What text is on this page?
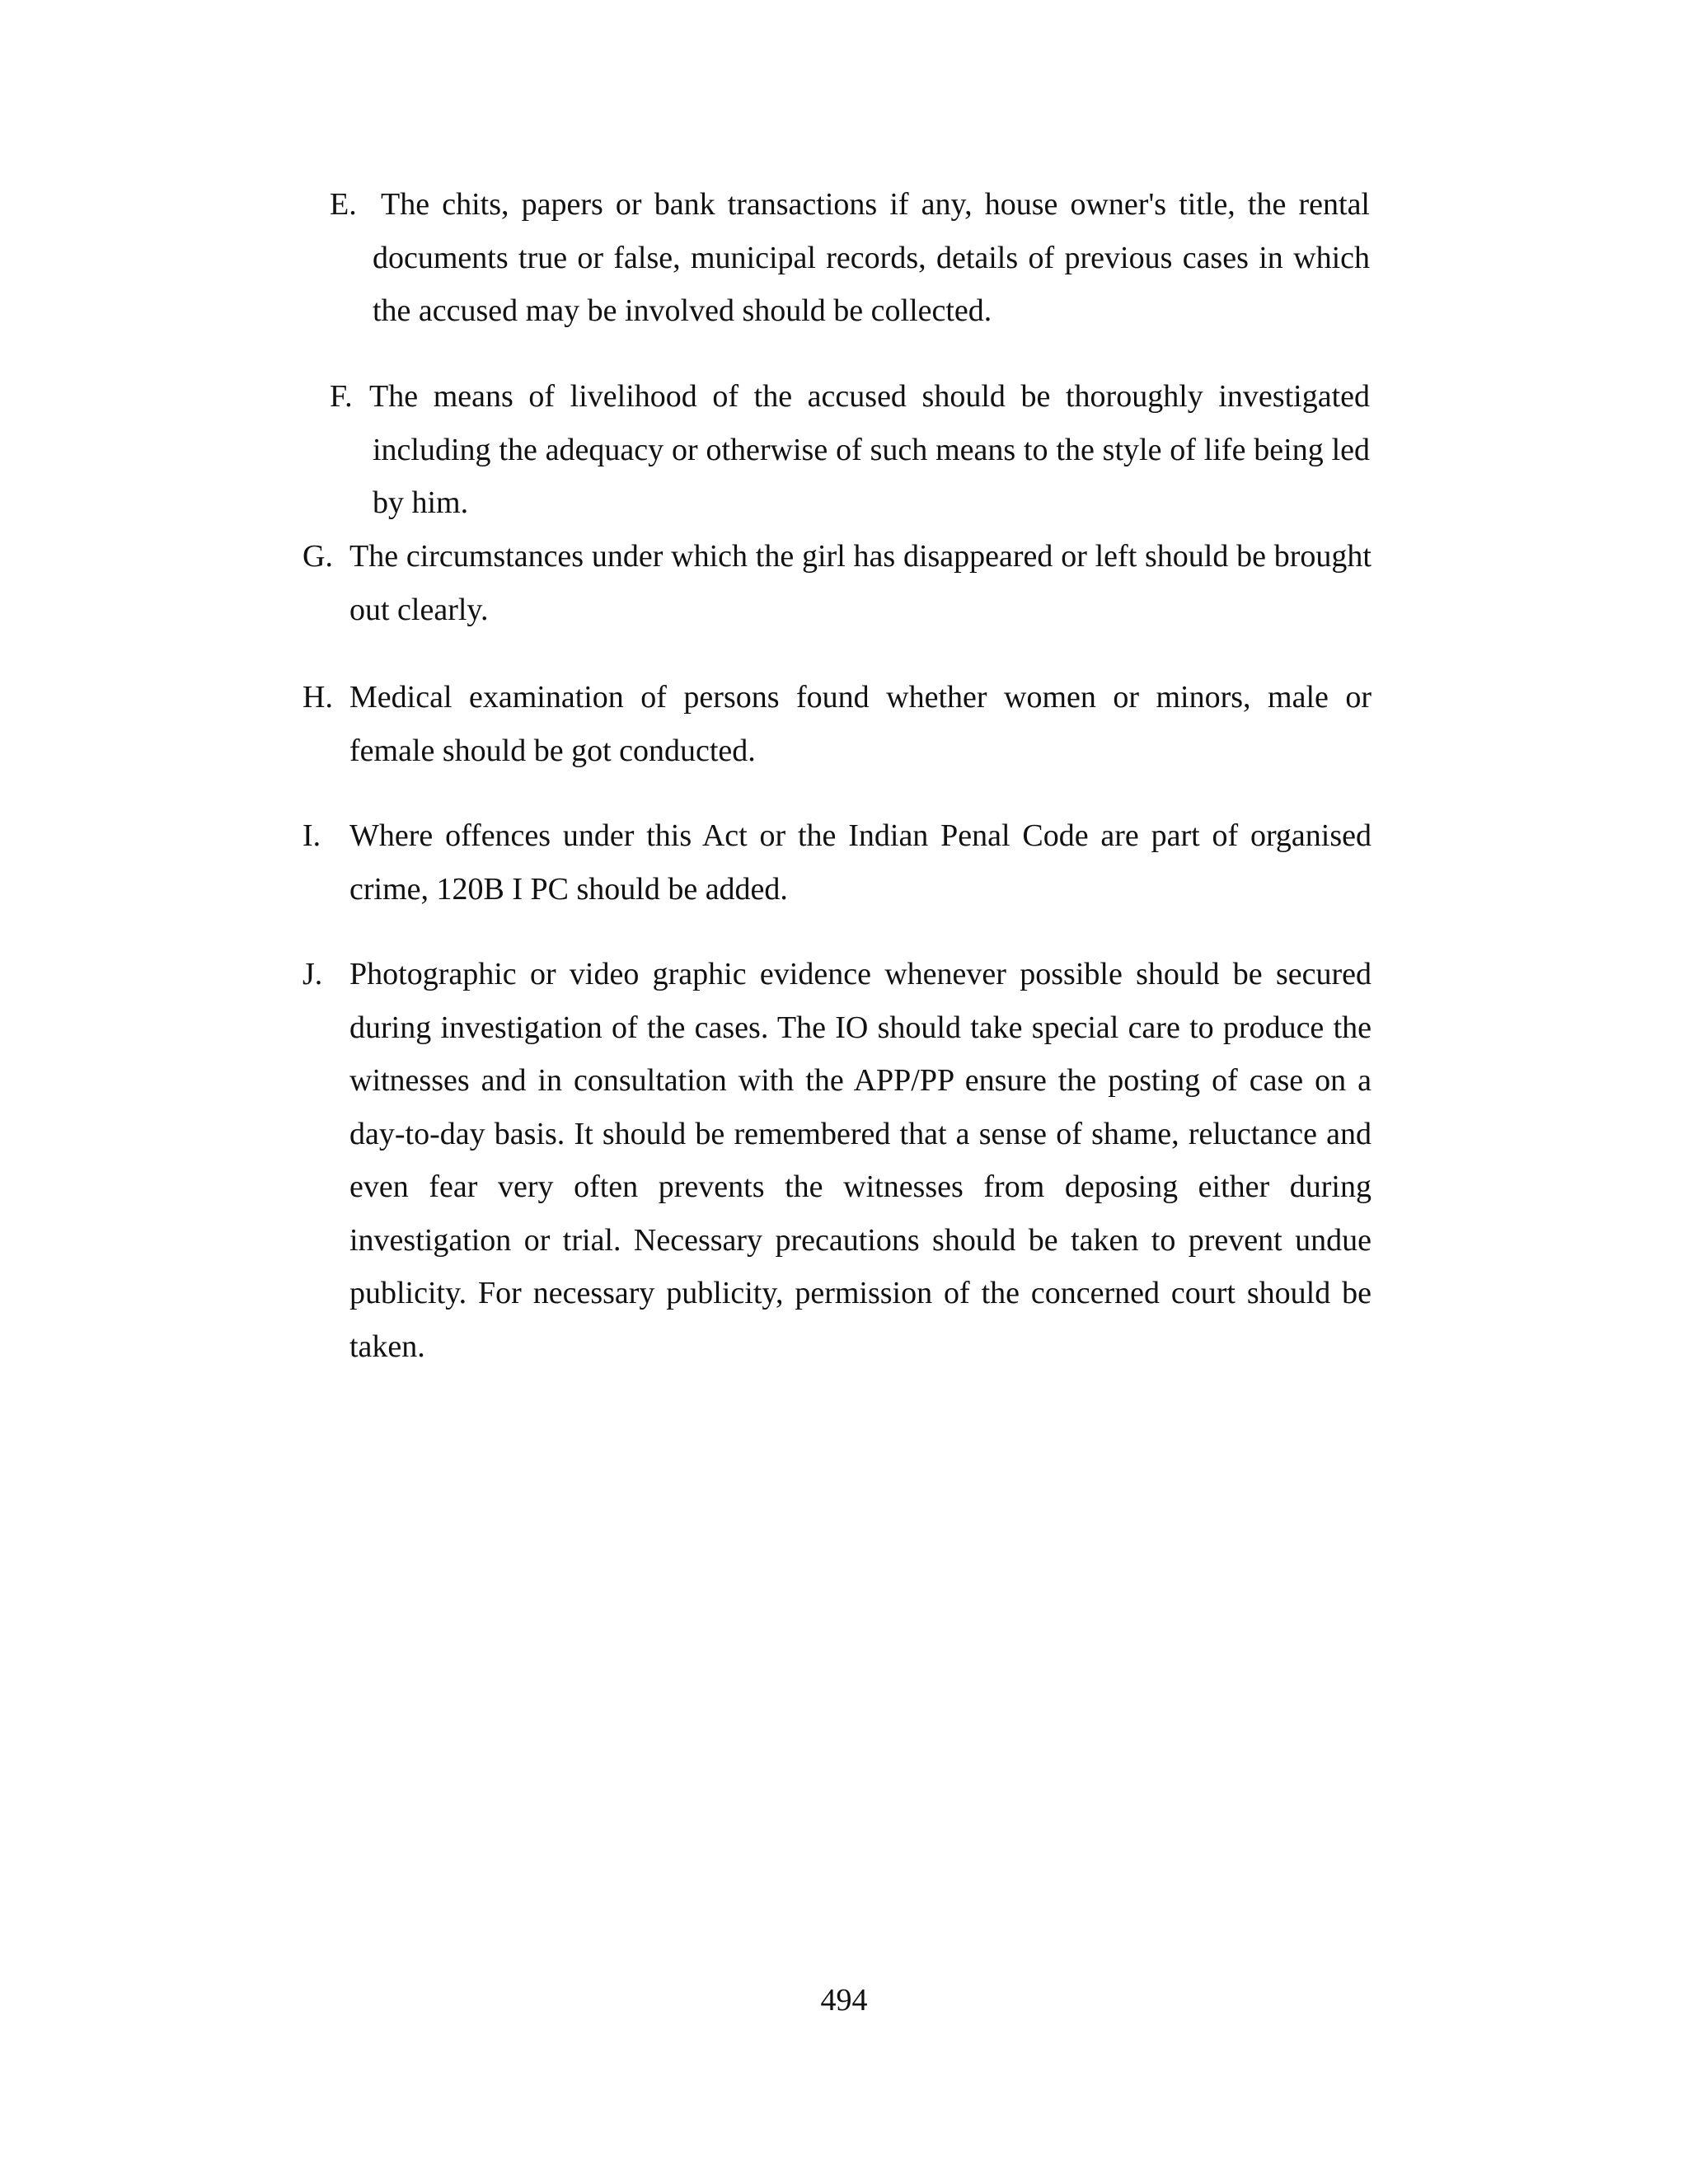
E. The chits, papers or bank transactions if any, house owner's title, the rental documents true or false, municipal records, details of previous cases in which the accused may be involved should be collected.
F. The means of livelihood of the accused should be thoroughly investigated including the adequacy or otherwise of such means to the style of life being led by him.
G. The circumstances under which the girl has disappeared or left should be brought out clearly.
H. Medical examination of persons found whether women or minors, male or female should be got conducted.
I. Where offences under this Act or the Indian Penal Code are part of organised crime, 120B I PC should be added.
J. Photographic or video graphic evidence whenever possible should be secured during investigation of the cases. The IO should take special care to produce the witnesses and in consultation with the APP/PP ensure the posting of case on a day-to-day basis. It should be remembered that a sense of shame, reluctance and even fear very often prevents the witnesses from deposing either during investigation or trial. Necessary precautions should be taken to prevent undue publicity. For necessary publicity, permission of the concerned court should be taken.
494
